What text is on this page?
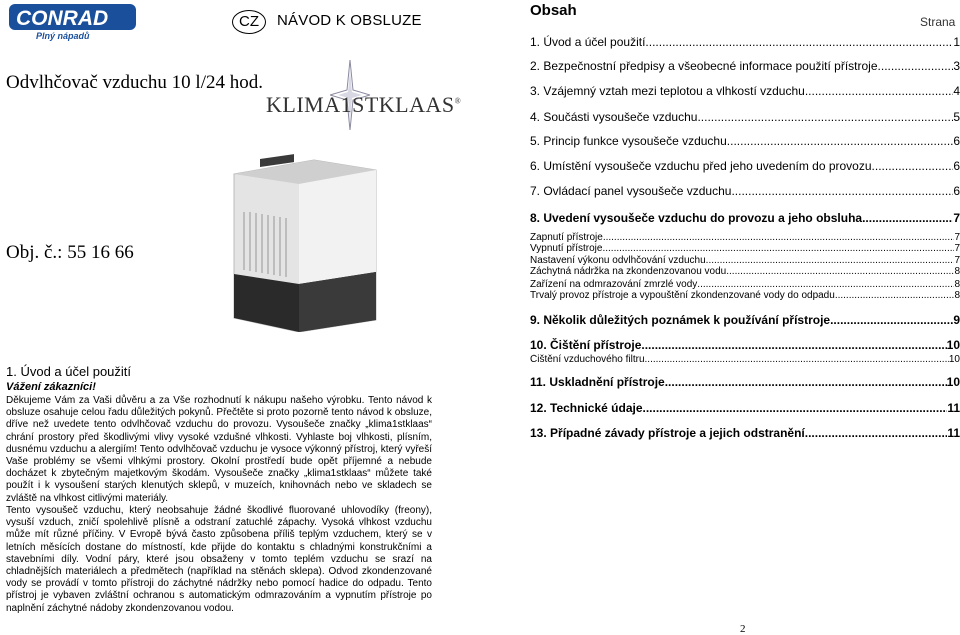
CONRAD
Plný nápadů
CZ	NÁVOD K OBSLUZE
Odvlhčovač vzduchu 10 l/24 hod.
KLIMA1STKLAAS®
Obj. č.: 55 16 66
1. Úvod a účel použití
Vážení zákazníci!
Děkujeme Vám za Vaši důvěru a za Vše rozhodnutí k nákupu našeho výrobku. Tento návod k obsluze osahuje celou řadu důležitých pokynů. Přečtěte si proto pozorně tento návod k obsluze, dříve než uvedete tento odvlhčovač vzduchu do provozu. Vysoušeče značky „klima1stklaas“ chrání prostory před škodlivými vlivy vysoké vzdušné vlhkosti. Vyhlaste boj vlhkosti, plísním, dusnému vzduchu a alergiím! Tento odvlhčovač vzduchu je vysoce výkonný přístroj, který vyřeší Vaše problémy se všemi vlhkými prostory. Okolní prostředí bude opět příjemné a nebude docházet k zbytečným majetkovým škodám. Vysoušeče značky „klima1stklaas“ můžete také použít i k vysoušení starých klenutých sklepů, v muzeích, knihovnách nebo ve skladech se zvláště na vlhkost citlivými materiály.
Tento vysoušeč vzduchu, který neobsahuje žádné škodlivé fluorované uhlovodíky (freony), vysuší vzduch, zničí spolehlivě plísně a odstraní zatuchlé zápachy. Vysoká vlhkost vzduchu může mít různé příčiny. V Evropě bývá často způsobena příliš teplým vzduchem, který se v letních měsících dostane do místností, kde přijde do kontaktu s chladnými konstrukčními a stavebními díly. Vodní páry, které jsou obsaženy v tomto teplém vzduchu se srazí na chladnějších materiálech a předmětech (například na stěnách sklepa). Odvod zkondenzované vody se provádí v tomto přístroji do záchytné nádržky nebo pomocí hadice do odpadu. Tento přístroj je vybaven zvláštní ochranou s automatickým odmrazováním a vypnutím přístroje po naplnění záchytné nádoby zkondenzovanou vodou.
2
Obsah
Strana
1. Úvod a účel použití .....	1
2. Bezpečnostní předpisy a všeobecné informace použití přístroje .....	3
3. Vzájemný vztah mezi teplotou a vlhkostí vzduchu .....	4
4. Součásti vysoušeče vzduchu .....	5
5. Princip funkce vysoušeče vzduchu .....	6
6. Umístění vysoušeče vzduchu před jeho uvedením do provozu .....	6
7. Ovládací panel vysoušeče vzduchu .....	6
8. Uvedení vysoušeče vzduchu do provozu a jeho obsluha .....	7
Zapnutí přístroje .....	7
Vypnutí přístroje .....	7
Nastavení výkonu odvlhčování vzduchu .....	7
Záchytná nádržka na zkondenzovanou vodu .....	8
Zařízení na odmrazování zmrzlé vody .....	8
Trvalý provoz přístroje a vypouštění zkondenzované vody do odpadu .....	8
9. Několik důležitých poznámek k používání přístroje .....	9
10. Čištění přístroje .....	10
Čištění vzduchového filtru .....	10
11. Uskladnění přístroje .....	10
12. Technické údaje .....	11
13. Případné závady přístroje a jejich odstranění .....	11
